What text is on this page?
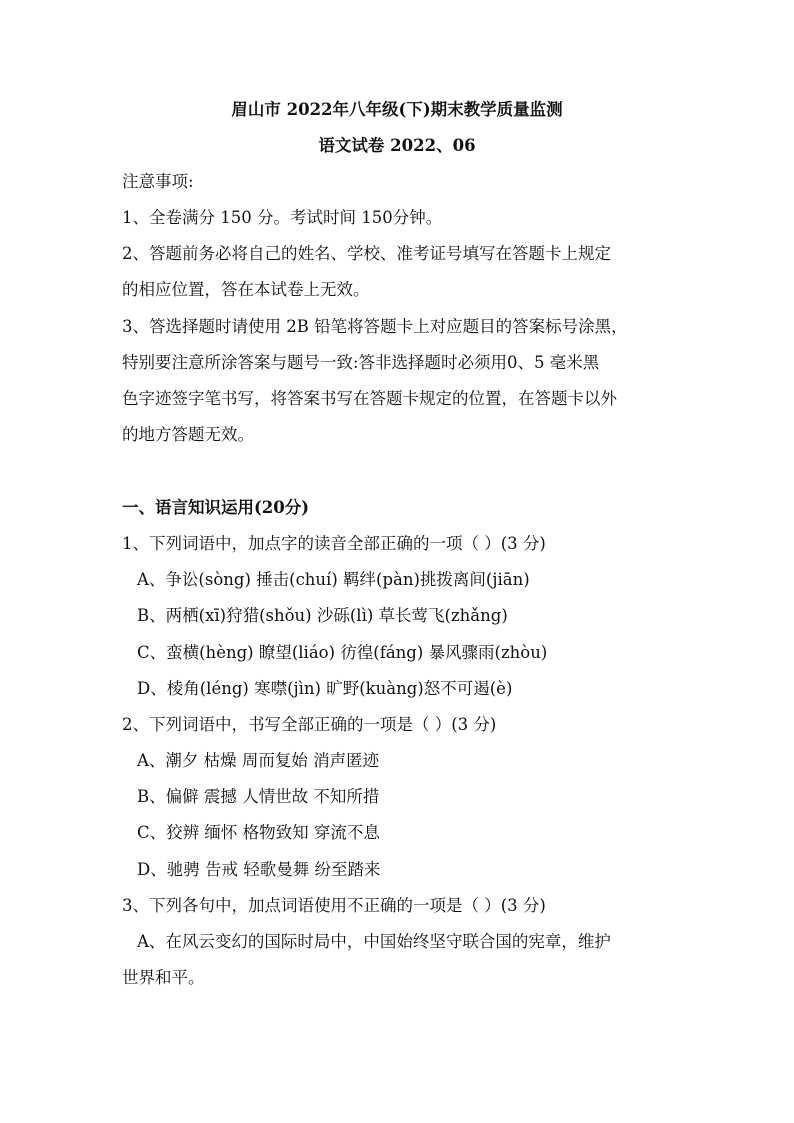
眉山市 2022年八年级(下)期末教学质量监测
语文试卷 2022、06
注意事项:
1、全卷满分 150 分。考试时间 150分钟。
2、答题前务必将自己的姓名、学校、准考证号填写在答题卡上规定
的相应位置，答在本试卷上无效。
3、答选择题时请使用 2B 铅笔将答题卡上对应题目的答案标号涂黑，
特别要注意所涂答案与题号一致:答非选择题时必须用0、5 毫米黑
色字迹签字笔书写，将答案书写在答题卡规定的位置，在答题卡以外
的地方答题无效。
一、语言知识运用(20分)
1、下列词语中，加点字的读音全部正确的一项（ ）(3 分)
A、争讼(sòng) 捶击(chuí) 羁绊(pàn)挑拨离间(jiān)
B、两栖(xī)狩猎(shǒu) 沙砾(lì) 草长莺飞(zhǎng)
C、蛮横(hèng) 瞭望(liáo) 彷徨(fáng) 暴风骤雨(zhòu)
D、棱角(léng) 寒噤(jìn) 旷野(kuàng)怒不可遏(è)
2、下列词语中，书写全部正确的一项是（ ）(3 分)
A、潮夕 枯燥 周而复始 消声匿迹
B、偏僻 震撼 人情世故 不知所措
C、狡辨 缅怀 格物致知 穿流不息
D、驰骋 告戒 轻歌曼舞 纷至踏来
3、下列各句中，加点词语使用不正确的一项是（ ）(3 分)
A、在风云变幻的国际时局中，中国始终坚守联合国的宪章，维护
世界和平。
